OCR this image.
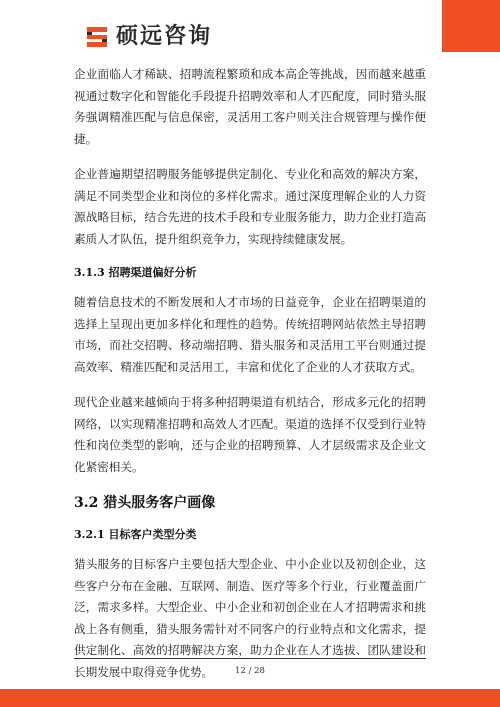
硕远咨询

企业面临人才稀缺、招聘流程繁琐和成本高企等挑战，因而越来越重视通过数字化和智能化手段提升招聘效率和人才匹配度，同时猎头服务强调精准匹配与信息保密，灵活用工客户则关注合规管理与操作便捷。

企业普遍期望招聘服务能够提供定制化、专业化和高效的解决方案，满足不同类型企业和岗位的多样化需求。通过深度理解企业的人力资源战略目标，结合先进的技术手段和专业服务能力，助力企业打造高素质人才队伍，提升组织竞争力，实现持续健康发展。

3.1.3 招聘渠道偏好分析

随着信息技术的不断发展和人才市场的日益竞争，企业在招聘渠道的选择上呈现出更加多样化和理性的趋势。传统招聘网站依然主导招聘市场，而社交招聘、移动端招聘、猎头服务和灵活用工平台则通过提高效率、精准匹配和灵活用工，丰富和优化了企业的人才获取方式。

现代企业越来越倾向于将多种招聘渠道有机结合，形成多元化的招聘网络，以实现精准招聘和高效人才匹配。渠道的选择不仅受到行业特性和岗位类型的影响，还与企业的招聘预算、人才层级需求及企业文化紧密相关。

3.2 猎头服务客户画像
3.2.1 目标客户类型分类

猎头服务的目标客户主要包括大型企业、中小企业以及初创企业，这些客户分布在金融、互联网、制造、医疗等多个行业，行业覆盖面广泛，需求多样。大型企业、中小企业和初创企业在人才招聘需求和挑战上各有侧重，猎头服务需针对不同客户的行业特点和文化需求，提供定制化、高效的招聘解决方案，助力企业在人才选拔、团队建设和长期发展中取得竞争优势。	12 / 28
